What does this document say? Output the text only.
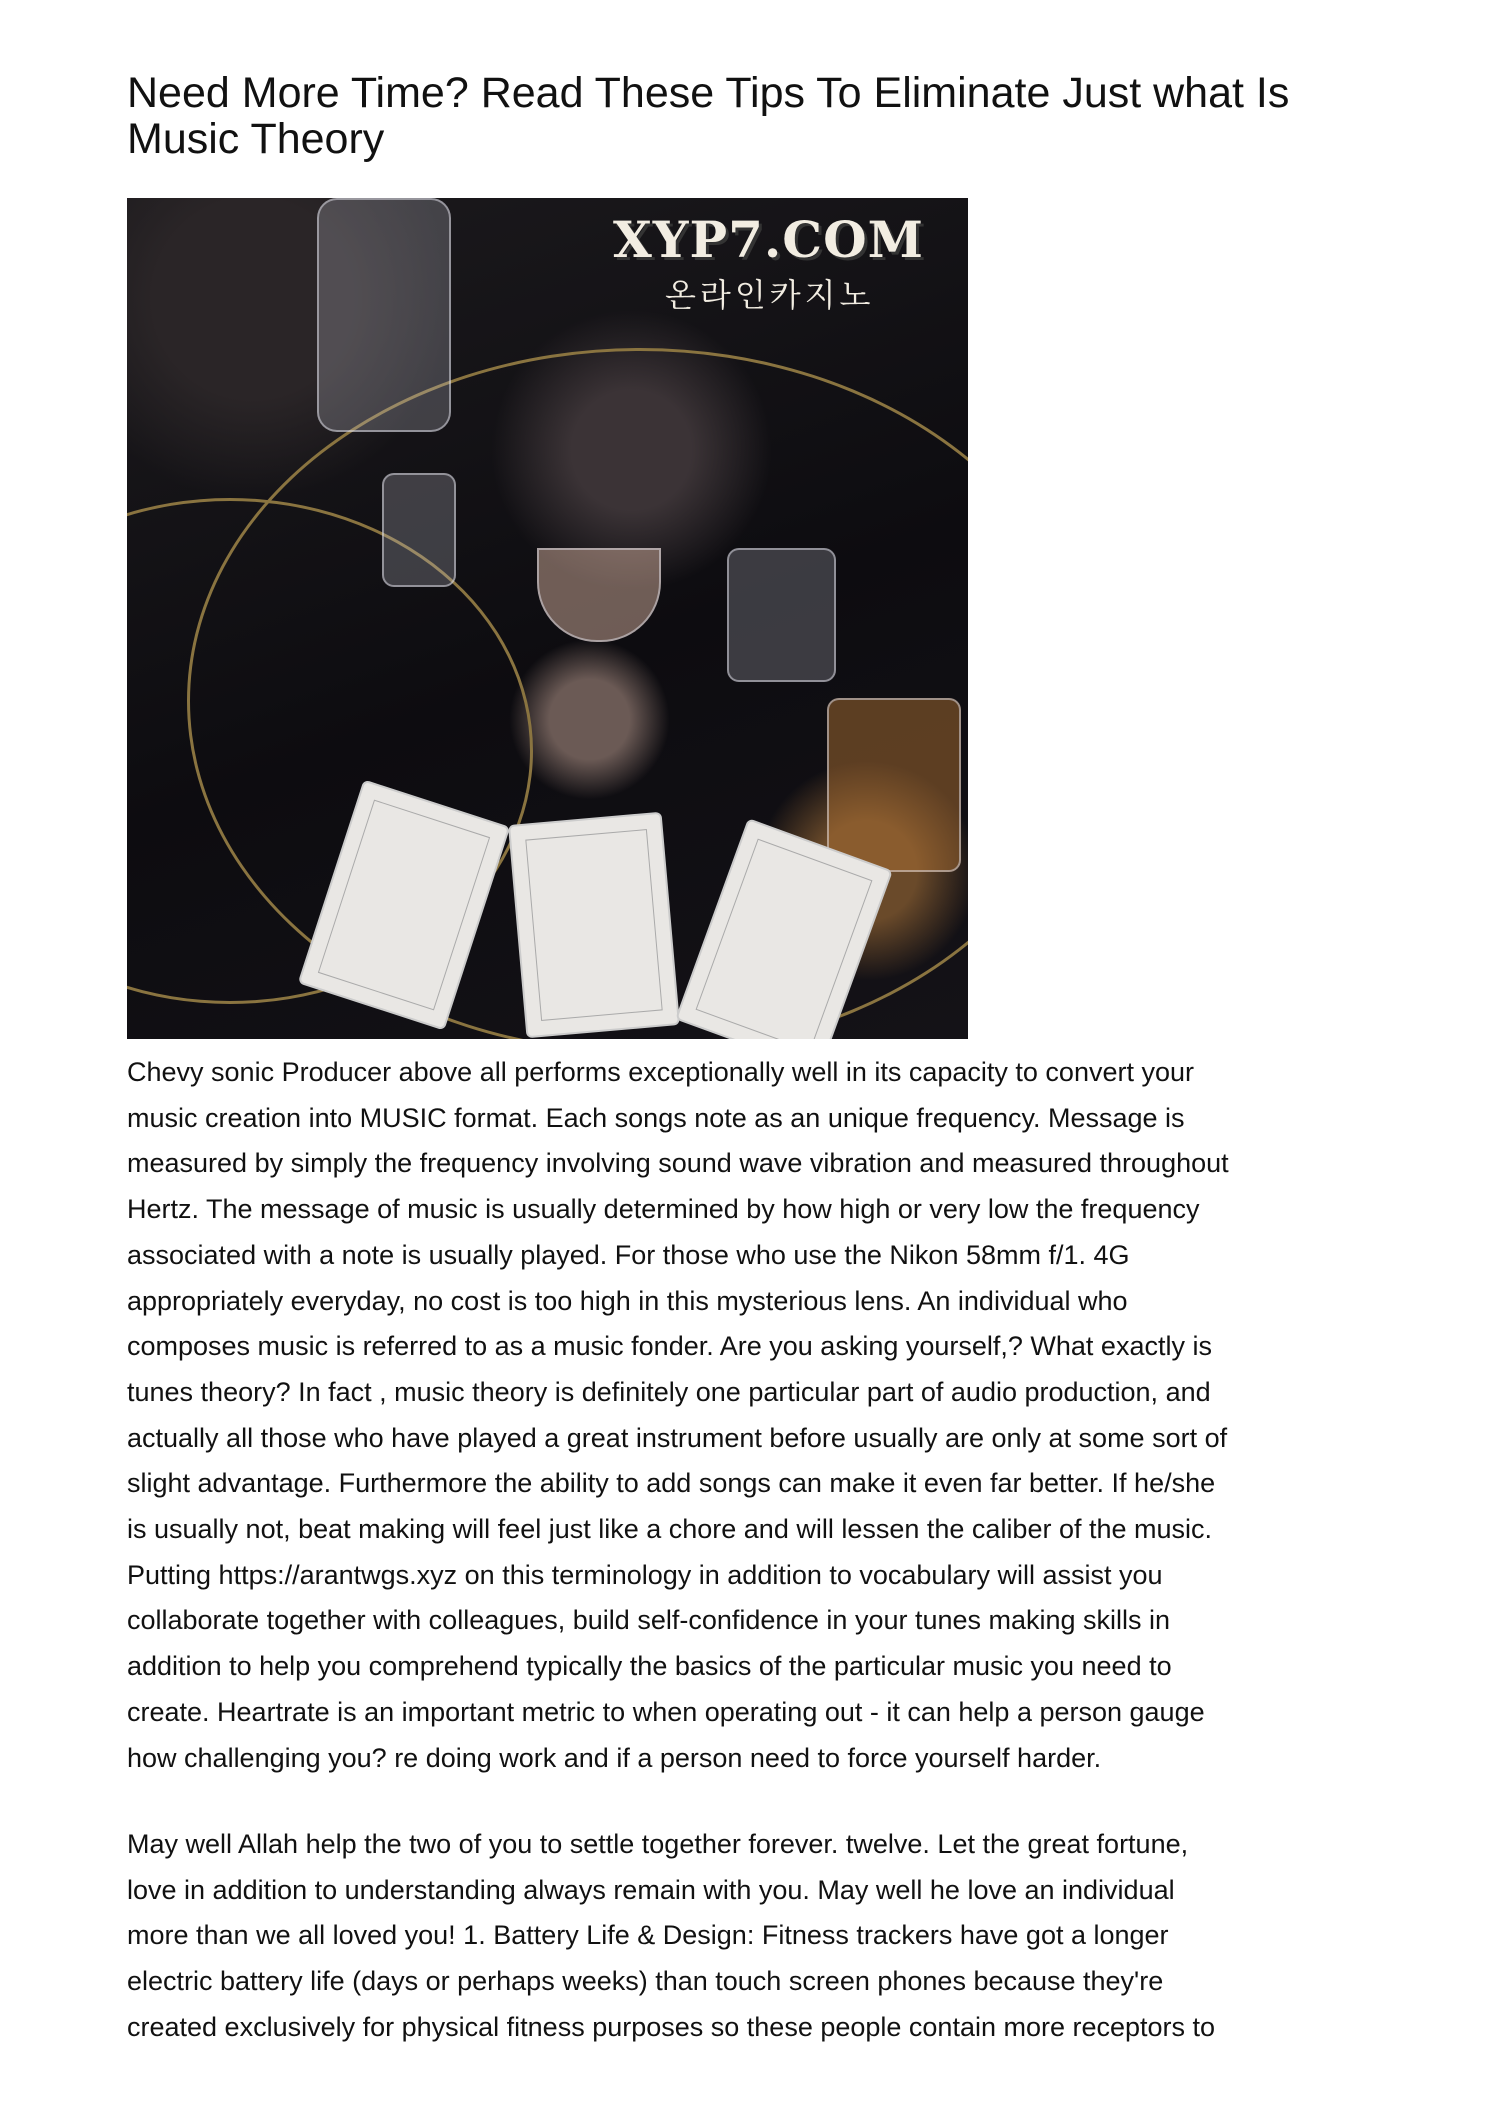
Need More Time? Read These Tips To Eliminate Just what Is Music Theory
XYP7.COM
온라인카지노
Chevy sonic Producer above all performs exceptionally well in its capacity to convert your
music creation into MUSIC format. Each songs note as an unique frequency. Message is
measured by simply the frequency involving sound wave vibration and measured throughout
Hertz. The message of music is usually determined by how high or very low the frequency
associated with a note is usually played. For those who use the Nikon 58mm f/1. 4G
appropriately everyday, no cost is too high in this mysterious lens. An individual who
composes music is referred to as a music fonder. Are you asking yourself,? What exactly is
tunes theory? In fact , music theory is definitely one particular part of audio production, and
actually all those who have played a great instrument before usually are only at some sort of
slight advantage. Furthermore the ability to add songs can make it even far better. If he/she
is usually not, beat making will feel just like a chore and will lessen the caliber of the music.
Putting https://arantwgs.xyz on this terminology in addition to vocabulary will assist you
collaborate together with colleagues, build self-confidence in your tunes making skills in
addition to help you comprehend typically the basics of the particular music you need to
create. Heartrate is an important metric to when operating out - it can help a person gauge
how challenging you? re doing work and if a person need to force yourself harder.
May well Allah help the two of you to settle together forever. twelve. Let the great fortune,
love in addition to understanding always remain with you. May well he love an individual
more than we all loved you! 1. Battery Life & Design: Fitness trackers have got a longer
electric battery life (days or perhaps weeks) than touch screen phones because they're
created exclusively for physical fitness purposes so these people contain more receptors to
